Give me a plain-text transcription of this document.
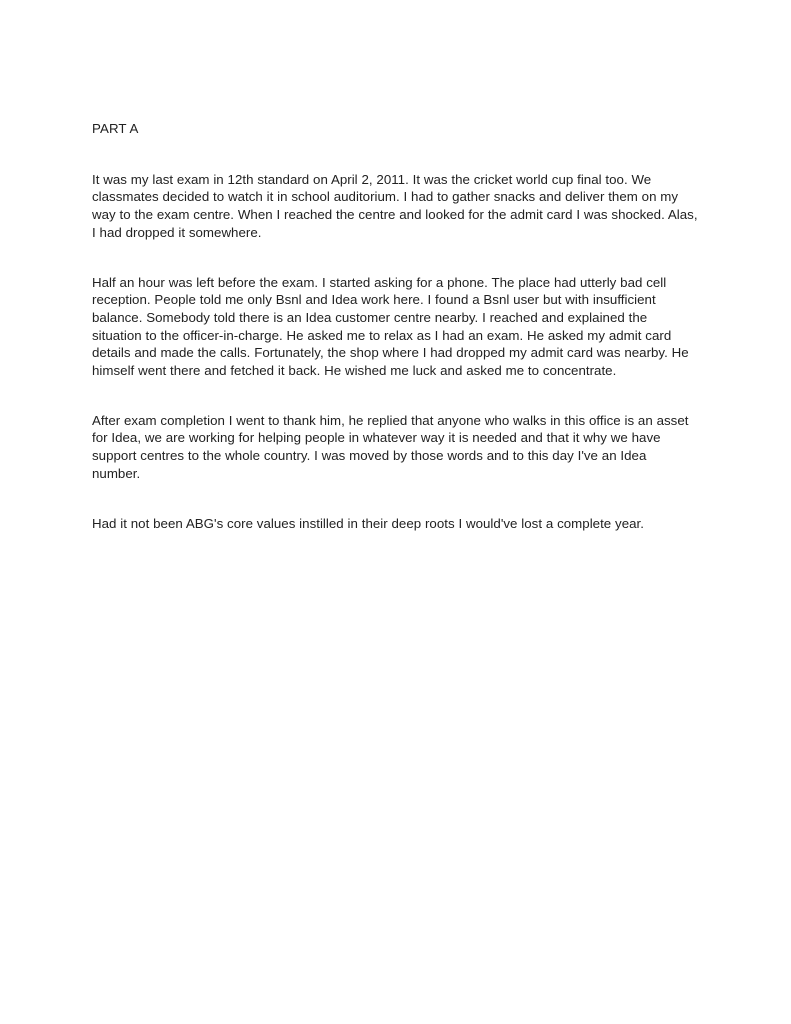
PART A

It was my last exam in 12th standard on April 2, 2011. It was the cricket world cup final too. We classmates decided to watch it in school auditorium. I had to gather snacks and deliver them on my way to the exam centre. When I reached the centre and looked for the admit card I was shocked. Alas, I had dropped it somewhere.

Half an hour was left before the exam. I started asking for a phone. The place had utterly bad cell reception. People told me only Bsnl and Idea work here. I found a Bsnl user but with insufficient balance. Somebody told there is an Idea customer centre nearby. I reached and explained the situation to the officer-in-charge. He asked me to relax as I had an exam. He asked my admit card details and made the calls. Fortunately, the shop where I had dropped my admit card was nearby. He himself went there and fetched it back. He wished me luck and asked me to concentrate.

After exam completion I went to thank him, he replied that anyone who walks in this office is an asset for Idea, we are working for helping people in whatever way it is needed and that it why we have support centres to the whole country. I was moved by those words and to this day I've an Idea number.

Had it not been ABG's core values instilled in their deep roots I would've lost a complete year.
